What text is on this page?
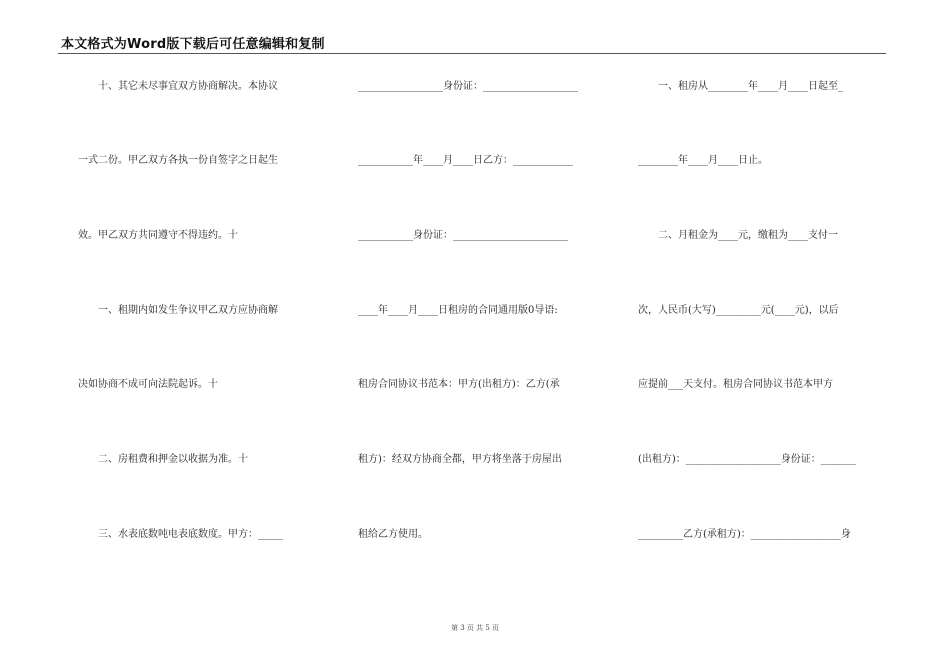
本文格式为Word版下载后可任意编辑和复制
　　十、其它未尽事宜双方协商解决。本协议
一式二份。甲乙双方各执一份自签字之日起生
效。甲乙双方共同遵守不得违约。十
　　一、租期内如发生争议甲乙双方应协商解
决如协商不成可向法院起诉。十
　　二、房租费和押金以收据为准。十
　　三、水表底数吨电表底数度。甲方：_____
_________________身份证：___________________
___________年____月____日乙方：____________
___________身份证：_______________________
____年____月____日租房的合同通用版0导语:
租房合同协议书范本：甲方(出租方)：乙方(承
租方)：经双方协商全都，甲方将坐落于房屋出
租给乙方使用。
　　一、租房从________年____月____日起至_
________年____月____日止。
　　二、月租金为____元，缴租为____支付一
次，人民币(大写)_________元(____元)，以后
应提前___天支付。租房合同协议书范本甲方
(出租方)：___________________身份证：_______
_________乙方(承租方)：__________________身
第 3 页 共 5 页
